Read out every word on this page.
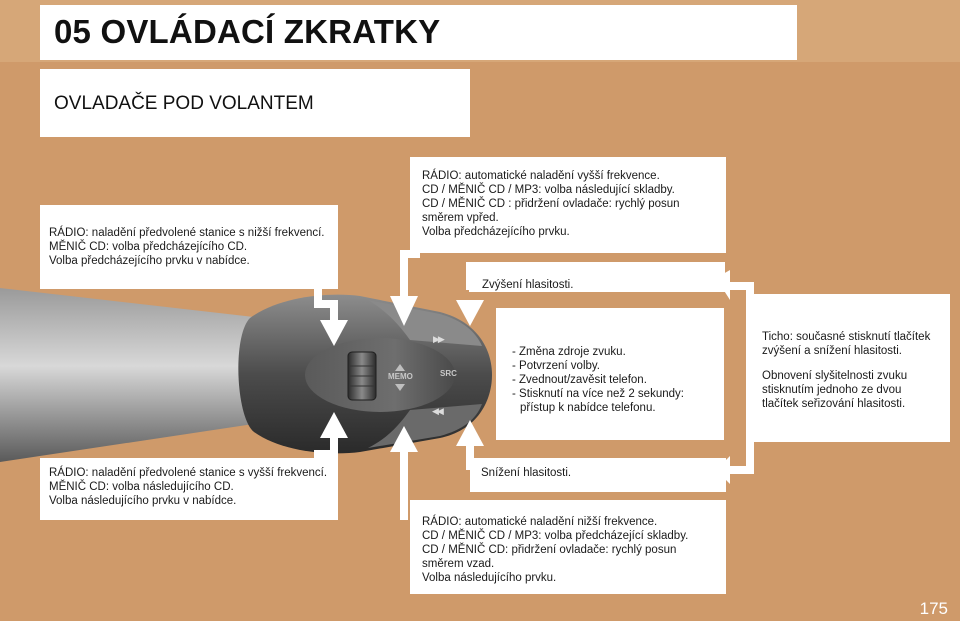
05 OVLÁDACÍ ZKRATKY
OVLADAČE POD VOLANTEM
MEMO	SRC
▶▶
◀◀

RÁDIO: naladění předvolené stanice s nižší frekvencí.

MĚNIČ CD: volba předcházejícího CD.

Volba předcházejícího prvku v nabídce.

RÁDIO: automatické naladění vyšší frekvence.

CD / MĚNIČ CD / MP3: volba následující skladby.

CD / MĚNIČ CD : přidržení ovladače: rychlý posun směrem vpřed.

Volba předcházejícího prvku.

Zvýšení hlasitosti.

- Změna zdroje zvuku.
- Potvrzení volby.
- Zvednout/zavěsit telefon.
- Stisknutí na více než 2 sekundy: přístup k nabídce telefonu.

Ticho: současné stisknutí tlačítek zvýšení a snížení hlasitosti.

Obnovení slyšitelnosti zvuku stisknutím jednoho ze dvou tlačítek seřizování hlasitosti.

RÁDIO: naladění předvolené stanice s vyšší frekvencí.

MĚNIČ CD: volba následujícího CD.

Volba následujícího prvku v nabídce.

Snížení hlasitosti.

RÁDIO: automatické naladění nižší frekvence.

CD / MĚNIČ CD / MP3: volba předcházející skladby.

CD / MĚNIČ CD: přidržení ovladače: rychlý posun směrem vzad.

Volba následujícího prvku.

175
